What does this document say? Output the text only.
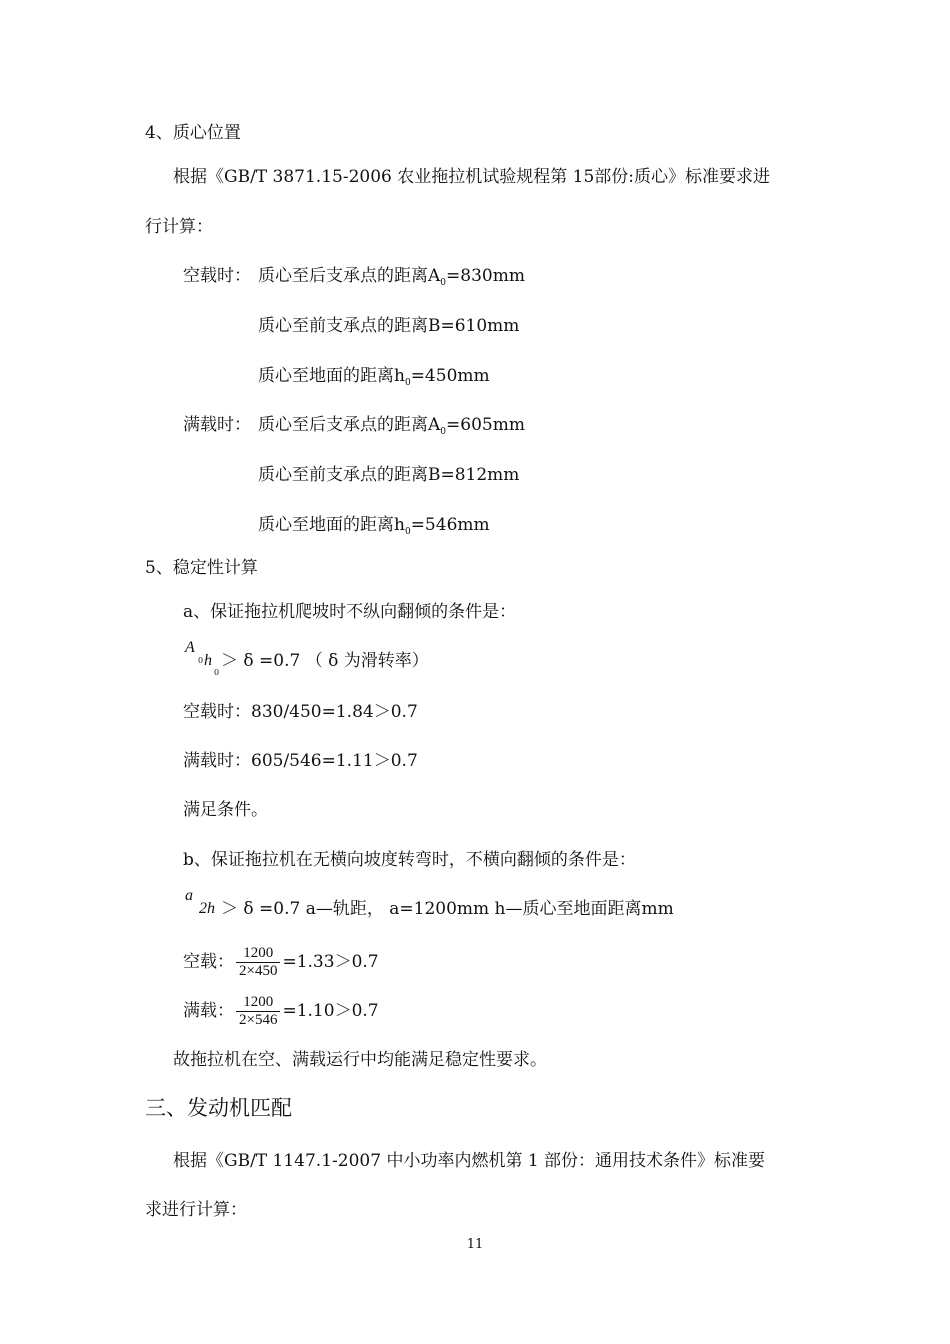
4、质心位置
根据《GB/T 3871.15-2006 农业拖拉机试验规程第 15部份:质心》标准要求进
行计算：
空载时： 质心至后支承点的距离$A_0=830mm$
质心至前支承点的距离B=610mm
质心至地面的距离$h_0=450mm$
满载时： 质心至后支承点的距离$A_0=605mm$
质心至前支承点的距离B=812mm
质心至地面的距离$h_0=546mm$
5、稳定性计算
a、保证拖拉机爬坡时不纵向翻倾的条件是：
A
0 h
0
＞ δ =0.7 （ δ 为滑转率）
空载时：830/450=1.84＞0.7
满载时：605/546=1.11＞0.7
满足条件。
b、保证拖拉机在无横向坡度转弯时，不横向翻倾的条件是：
a
2h ＞ δ =0.7 a—轨距， a=1200mm h—质心至地面距离mm
空载： $\frac{1200}{2\times 450} =1.33>0.7$
满载： $\frac{1200}{2\times 546} =1.10>0.7$
故拖拉机在空、满载运行中均能满足稳定性要求。
三、发动机匹配
根据《GB/T 1147.1-2007 中小功率内燃机第 1 部份：通用技术条件》标准要
求进行计算：
11
